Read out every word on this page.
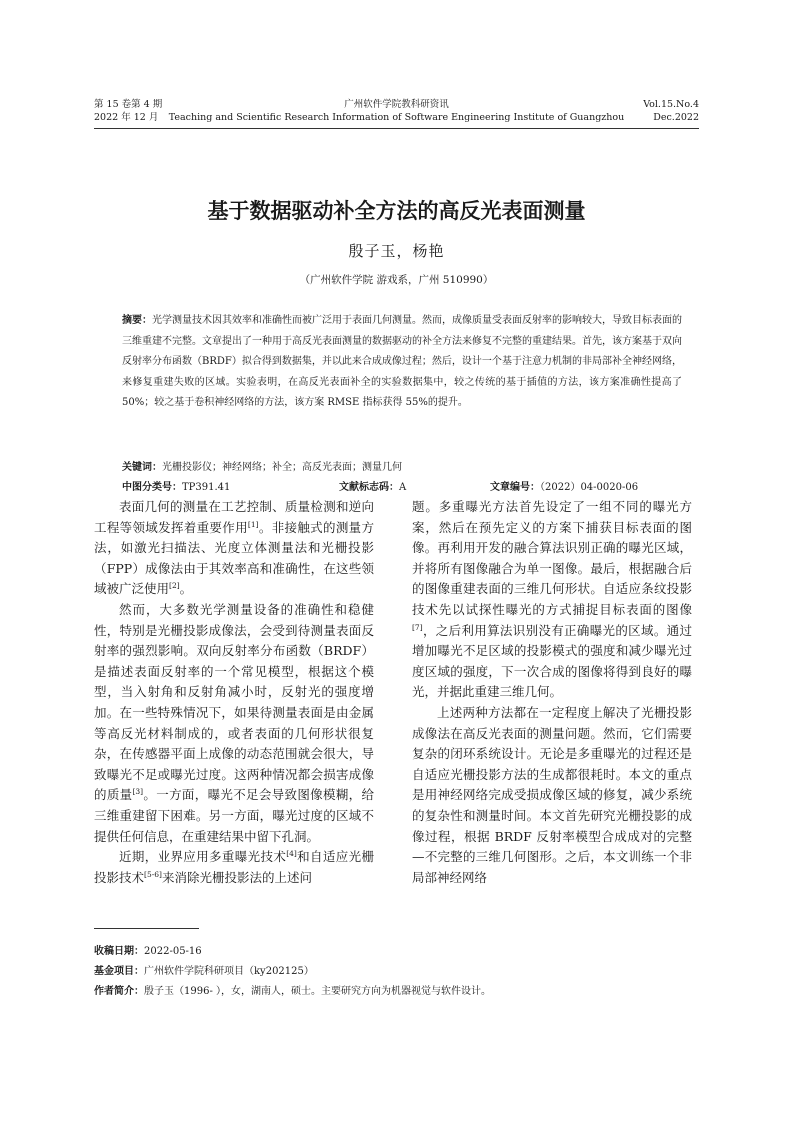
第 15 卷第 4 期	广州软件学院教科研资讯	Vol.15.No.4
2022 年 12 月	Teaching and Scientific Research Information of Software Engineering Institute of Guangzhou	Dec.2022
基于数据驱动补全方法的高反光表面测量
殷子玉，杨艳
（广州软件学院 游戏系，广州 510990）
摘要：光学测量技术因其效率和准确性而被广泛用于表面几何测量。然而，成像质量受表面反射率的影响较大，导致目标表面的三维重建不完整。文章提出了一种用于高反光表面测量的数据驱动的补全方法来修复不完整的重建结果。首先，该方案基于双向反射率分布函数（BRDF）拟合得到数据集，并以此来合成成像过程；然后，设计一个基于注意力机制的非局部补全神经网络，来修复重建失败的区域。实验表明，在高反光表面补全的实验数据集中，较之传统的基于插值的方法，该方案准确性提高了 50%；较之基于卷积神经网络的方法，该方案 RMSE 指标获得 55%的提升。
关键词：光栅投影仪；神经网络；补全；高反光表面；测量几何
中图分类号：TP391.41	文献标志码：A	文章编号：（2022）04-0020-06

表面几何的测量在工艺控制、质量检测和逆向工程等领域发挥着重要作用[1]。非接触式的测量方法，如激光扫描法、光度立体测量法和光栅投影（FPP）成像法由于其效率高和准确性，在这些领域被广泛使用[2]。

然而，大多数光学测量设备的准确性和稳健性，特别是光栅投影成像法，会受到待测量表面反射率的强烈影响。双向反射率分布函数（BRDF）是描述表面反射率的一个常见模型，根据这个模型，当入射角和反射角减小时，反射光的强度增加。在一些特殊情况下，如果待测量表面是由金属等高反光材料制成的，或者表面的几何形状很复杂，在传感器平面上成像的动态范围就会很大，导致曝光不足或曝光过度。这两种情况都会损害成像的质量[3]。一方面，曝光不足会导致图像模糊，给三维重建留下困难。另一方面，曝光过度的区域不提供任何信息，在重建结果中留下孔洞。

近期，业界应用多重曝光技术[4]和自适应光栅投影技术[5-6]来消除光栅投影法的上述问

题。多重曝光方法首先设定了一组不同的曝光方案，然后在预先定义的方案下捕获目标表面的图像。再利用开发的融合算法识别正确的曝光区域，并将所有图像融合为单一图像。最后，根据融合后的图像重建表面的三维几何形状。自适应条纹投影技术先以试探性曝光的方式捕捉目标表面的图像[7]，之后利用算法识别没有正确曝光的区域。通过增加曝光不足区域的投影模式的强度和减少曝光过度区域的强度，下一次合成的图像将得到良好的曝光，并据此重建三维几何。

上述两种方法都在一定程度上解决了光栅投影成像法在高反光表面的测量问题。然而，它们需要复杂的闭环系统设计。无论是多重曝光的过程还是自适应光栅投影方法的生成都很耗时。本文的重点是用神经网络完成受损成像区域的修复，减少系统的复杂性和测量时间。本文首先研究光栅投影的成像过程，根据 BRDF 反射率模型合成成对的完整—不完整的三维几何图形。之后，本文训练一个非局部神经网络

收稿日期：2022-05-16
基金项目：广州软件学院科研项目（ky202125）
作者简介：殷子玉（1996- ），女，湖南人，硕士。主要研究方向为机器视觉与软件设计。
